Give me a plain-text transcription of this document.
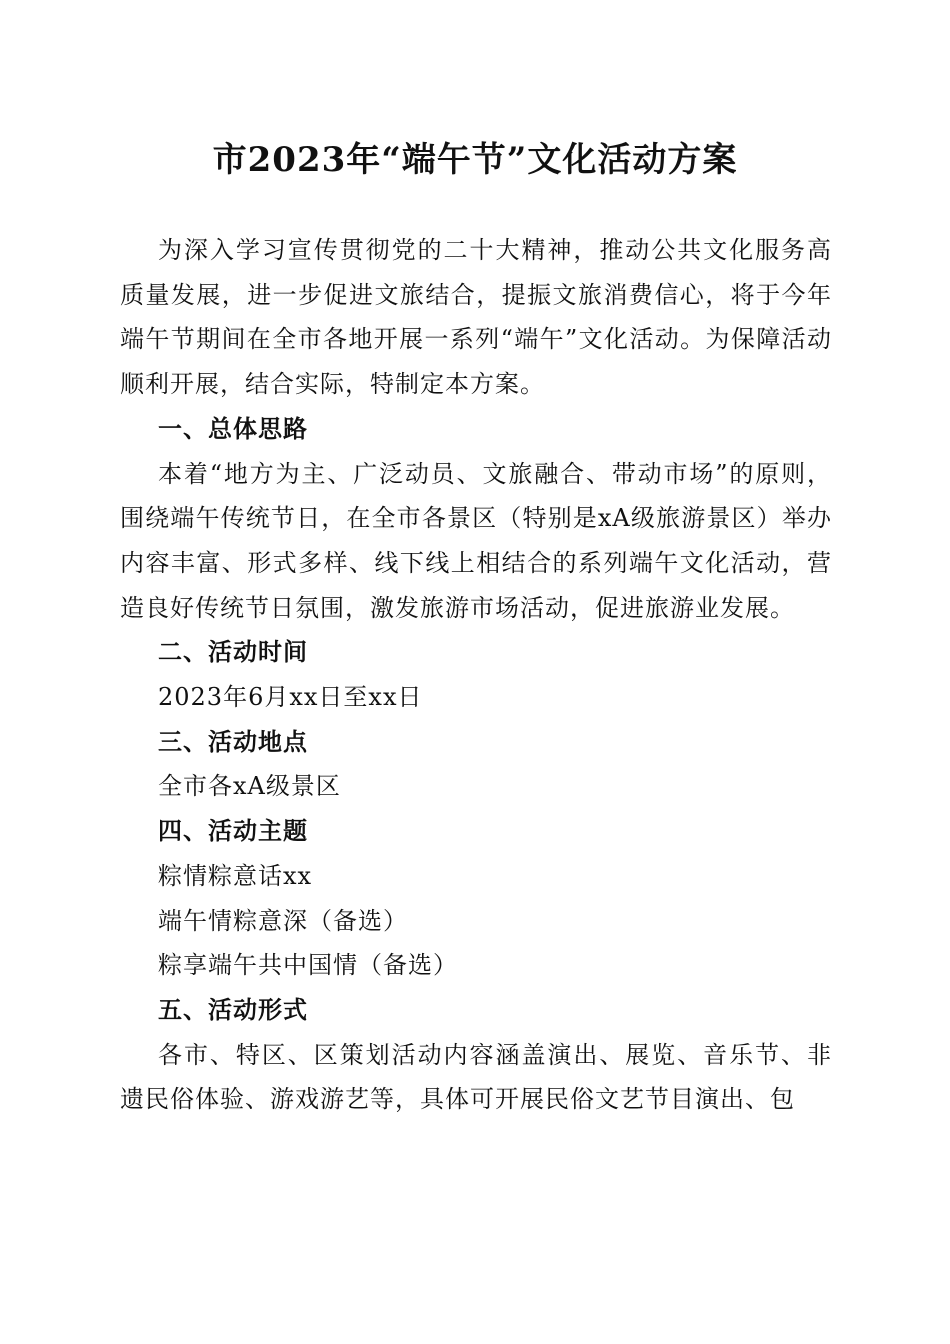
市2023年“端午节”文化活动方案

为深入学习宣传贯彻党的二十大精神，推动公共文化服务高质量发展，进一步促进文旅结合，提振文旅消费信心，将于今年端午节期间在全市各地开展一系列“端午”文化活动。为保障活动顺利开展，结合实际，特制定本方案。

一、总体思路

本着“地方为主、广泛动员、文旅融合、带动市场”的原则，围绕端午传统节日，在全市各景区（特别是xA级旅游景区）举办内容丰富、形式多样、线下线上相结合的系列端午文化活动，营造良好传统节日氛围，激发旅游市场活动，促进旅游业发展。

二、活动时间

2023年6月xx日至xx日

三、活动地点

全市各xA级景区

四、活动主题

粽情粽意话xx

端午情粽意深（备选）

粽享端午共中国情（备选）

五、活动形式

各市、特区、区策划活动内容涵盖演出、展览、音乐节、非遗民俗体验、游戏游艺等，具体可开展民俗文艺节目演出、包
